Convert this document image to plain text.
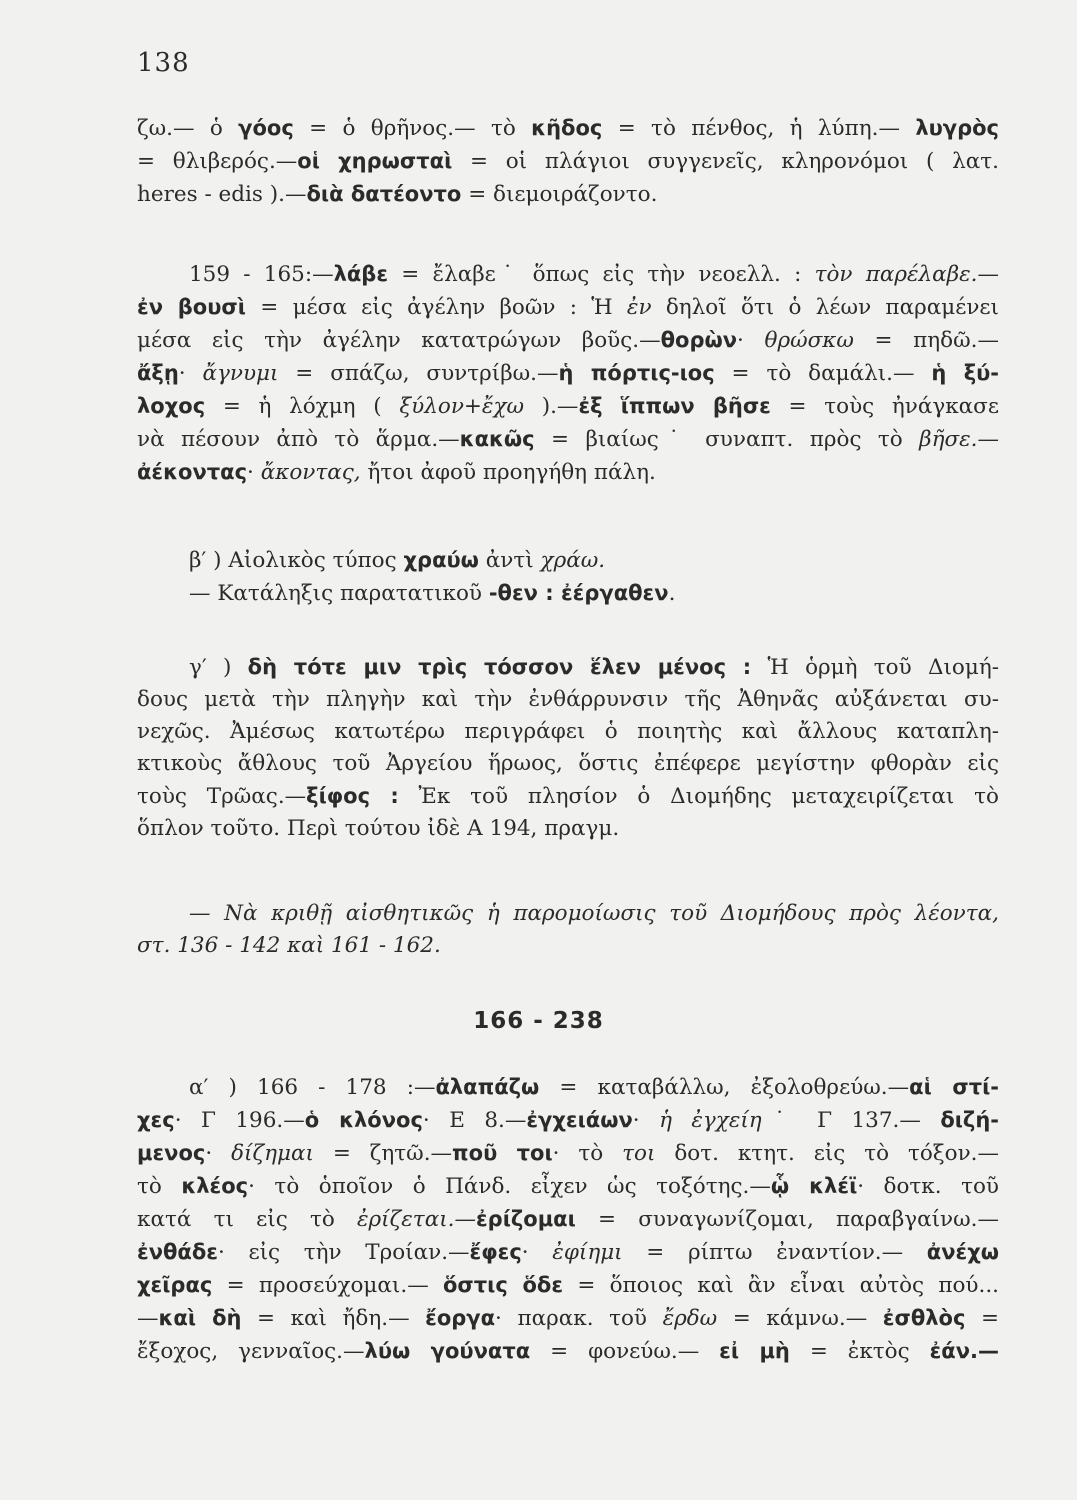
138
ζω.— ὁ γόος = ὁ θρῆνος.— τὸ κῆδος = τὸ πένθος, ἡ λύπη.— λυγρὸς
= θλιβερός.—οἱ χηρωσταὶ = οἱ πλάγιοι συγγενεῖς, κληρονόμοι ( λατ.
heres - edis ).—διὰ δατέοντο = διεμοιράζοντο.
159 - 165:—λάβε = ἔλαβε˙ ὅπως εἰς τὴν νεοελλ. : τὸν παρέλαβε.—
ἐν βουσὶ = μέσα εἰς ἀγέλην βοῶν : Ἡ ἐν δηλοῖ ὅτι ὁ λέων παραμένει
μέσα εἰς τὴν ἀγέλην κατατρώγων βοῦς.—θορὼν· θρώσκω = πηδῶ.—
ἄξῃ· ἄγνυμι = σπάζω, συντρίβω.—ἡ πόρτις-ιος = τὸ δαμάλι.— ἡ ξύ-
λοχος = ἡ λόχμη ( ξύλον+ἔχω ).—ἐξ ἵππων βῆσε = τοὺς ἠνάγκασε
νὰ πέσουν ἀπὸ τὸ ἅρμα.—κακῶς = βιαίως˙ συναπτ. πρὸς τὸ βῆσε.—
ἀέκοντας· ἄκοντας, ἤτοι ἀφοῦ προηγήθη πάλη.
β′ ) Αἰολικὸς τύπος χραύω ἀντὶ χράω.
— Κατάληξις παρατατικοῦ -θεν : ἐέργαθεν.
γ′ ) δὴ τότε μιν τρὶς τόσσον ἕλεν μένος : Ἡ ὁρμὴ τοῦ Διομή-
δους μετὰ τὴν πληγὴν καὶ τὴν ἐνθάρρυνσιν τῆς Ἀθηνᾶς αὐξάνεται συ-
νεχῶς. Ἀμέσως κατωτέρω περιγράφει ὁ ποιητὴς καὶ ἄλλους καταπλη-
κτικοὺς ἄθλους τοῦ Ἀργείου ἥρωος, ὅστις ἐπέφερε μεγίστην φθορὰν εἰς
τοὺς Τρῶας.—ξίφος : Ἐκ τοῦ πλησίον ὁ Διομήδης μεταχειρίζεται τὸ
ὅπλον τοῦτο. Περὶ τούτου ἰδὲ Α 194, πραγμ.
— Νὰ κριθῇ αἰσθητικῶς ἡ παρομοίωσις τοῦ Διομήδους πρὸς λέοντα,
στ. 136 - 142 καὶ 161 - 162.
166 - 238
α′ ) 166 - 178 :—ἀλαπάζω = καταβάλλω, ἐξολοθρεύω.—αἱ στί-
χες· Γ 196.—ὁ κλόνος· Ε 8.—ἐγχειάων· ἡ ἐγχείη˙ Γ 137.— διζή-
μενος· δίζημαι = ζητῶ.—ποῦ τοι· τὸ τοι δοτ. κτητ. εἰς τὸ τόξον.—
τὸ κλέος· τὸ ὁποῖον ὁ Πάνδ. εἶχεν ὡς τοξότης.—ᾧ κλέϊ· δοτκ. τοῦ
κατά τι εἰς τὸ ἐρίζεται.—ἐρίζομαι = συναγωνίζομαι, παραβγαίνω.—
ἐνθάδε· εἰς τὴν Τροίαν.—ἔφες· ἐφίημι = ρίπτω ἐναντίον.— ἀνέχω
χεῖρας = προσεύχομαι.— ὅστις ὅδε = ὅποιος καὶ ἂν εἶναι αὐτὸς πού...
—καὶ δὴ = καὶ ἤδη.— ἔοργα· παρακ. τοῦ ἔρδω = κάμνω.— ἐσθλὸς =
ἔξοχος, γενναῖος.—λύω γούνατα = φονεύω.— εἰ μὴ = ἐκτὸς ἐάν.—
